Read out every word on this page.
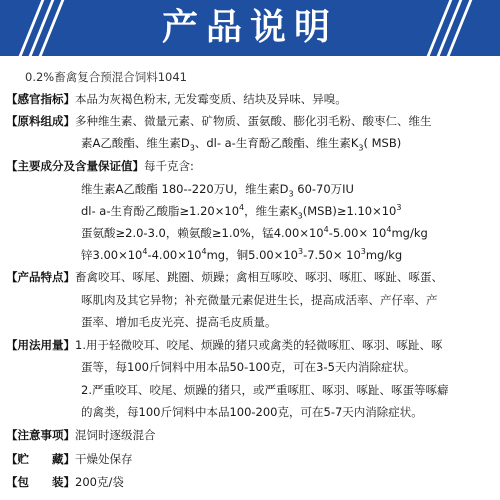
产品说明
0.2%畜禽复合预混合饲料1041
【感官指标】本品为灰褐色粉末, 无发霉变质、结块及异味、异嗅。
【原料组成】多种维生素、微量元素、矿物质、蛋氨酸、膨化羽毛粉、酸枣仁、维生
素A乙酸酯、维生素$D_3$、dl- a-生育酚乙酸酯、维生素$K_3$( MSB)
【主要成分及含量保证值】每千克含:
维生素A乙酸酯 180--220万U，维生素$D_3$ 60-70万IU
dl- a-生育酚乙酸脂$\ge 1.20\times 10^4$，维生素$K_3(MSB)\ge 1.10\times 10^3$
蛋氨酸≥2.0-3.0，赖氨酸≥1.0%，锰$4.00\times 10^4-5.00\times 10^4mg/kg$
锌$3.00\times 10^4-4.00\times 10^4mg$，铜$5.00\times 10^3-7.50\times 10^3mg/kg$
【产品特点】畜禽咬耳、啄尾、跳圈、烦躁；禽相互啄咬、啄羽、啄肛、啄趾、啄蛋、
啄肌肉及其它异物；补充微量元素促进生长，提高成活率、产仔率、产
蛋率、增加毛皮光亮、提高毛皮质量。
【用法用量】1.用于轻微咬耳、咬尾、烦躁的猪只或禽类的轻微啄肛、啄羽、啄趾、啄
蛋等，每100斤饲料中用本品50-100克，可在3-5天内消除症状。
2.严重咬耳、咬尾、烦躁的猪只，或严重啄肛、啄羽、啄趾、啄蛋等啄癖
的禽类，每100斤饲料中本品100-200克，可在5-7天内消除症状。
【注意事项】混饲时逐级混合
【贮　　藏】干燥处保存
【包　　装】200克/袋
